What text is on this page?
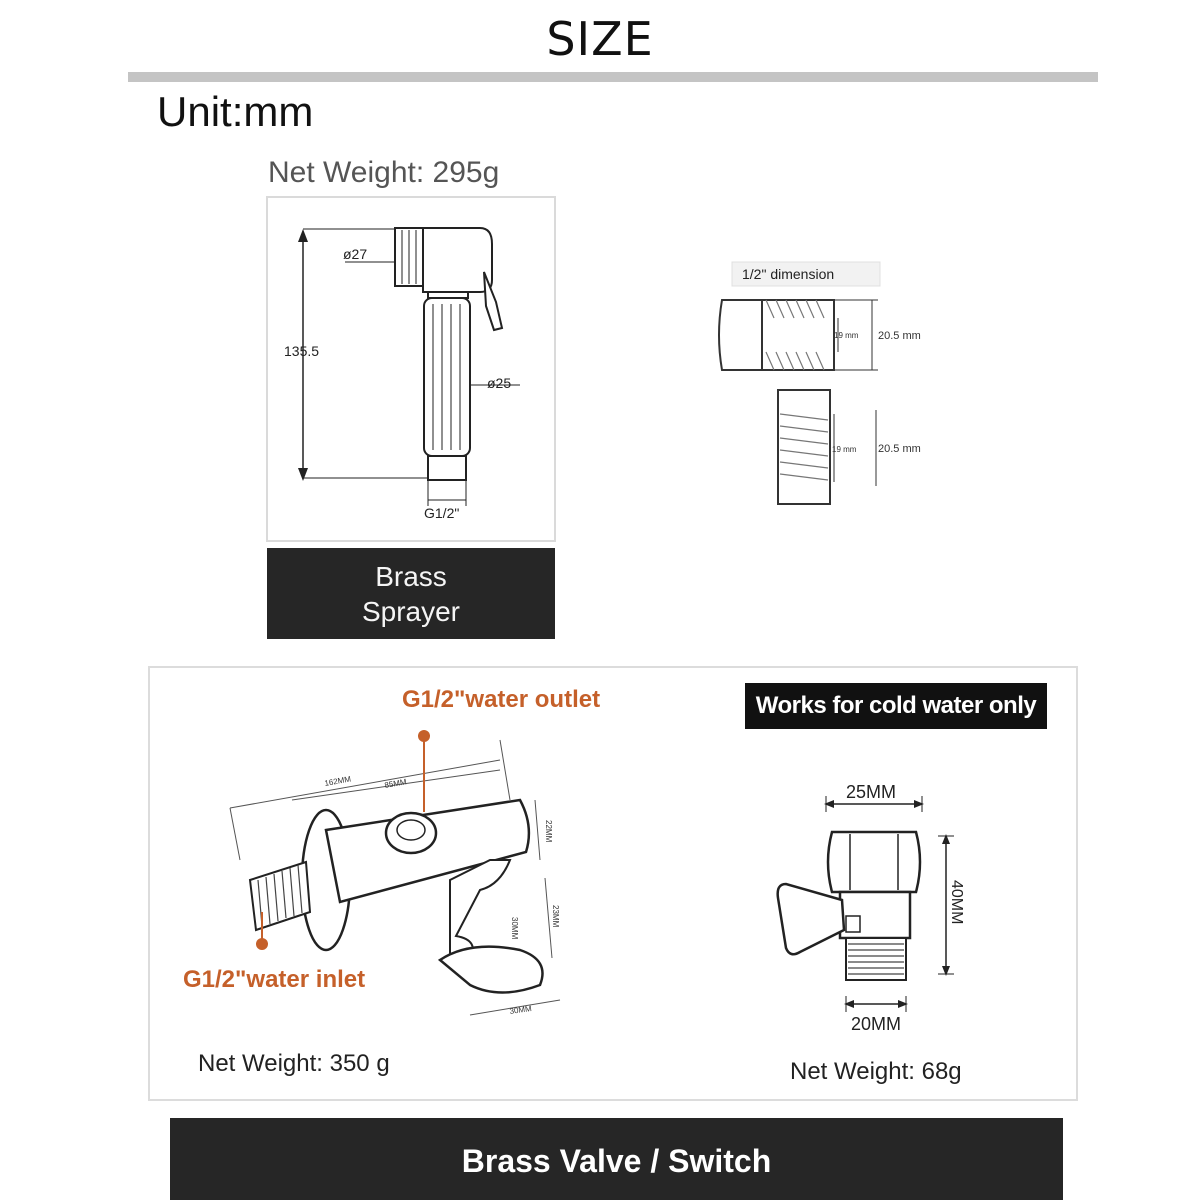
SIZE
Unit:mm
Net Weight: 295g
ø27
135.5
ø25
G1/2"
Brass
Sprayer
1/2" dimension
19 mm 20.5 mm
19 mm 20.5 mm
Works for cold water only
G1/2"water outlet
G1/2"water inlet
162MM	85MM
22MM
23MM
30MM
30MM
25MM
40MM
20MM
Net Weight: 350 g	Net Weight: 68g
Brass Valve / Switch
